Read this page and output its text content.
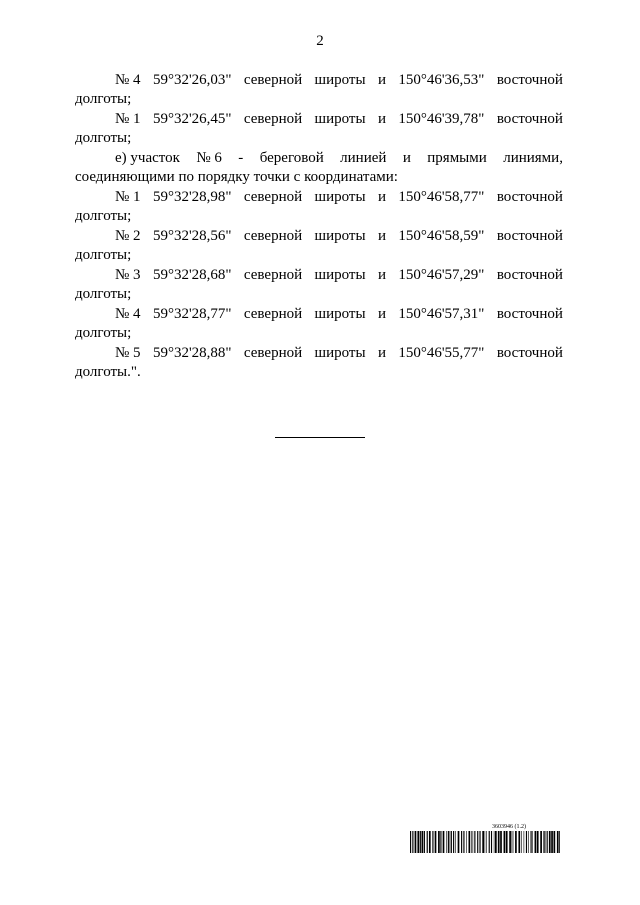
2
№ 4 59°32'26,03" северной широты и 150°46'36,53" восточной
долготы;
№ 1 59°32'26,45" северной широты и 150°46'39,78" восточной
долготы;
е) участок № 6 - береговой линией и прямыми линиями,
соединяющими по порядку точки с координатами:
№ 1 59°32'28,98" северной широты и 150°46'58,77" восточной
долготы;
№ 2 59°32'28,56" северной широты и 150°46'58,59" восточной
долготы;
№ 3 59°32'28,68" северной широты и 150°46'57,29" восточной
долготы;
№ 4 59°32'28,77" северной широты и 150°46'57,31" восточной
долготы;
№ 5 59°32'28,88" северной широты и 150°46'55,77" восточной
долготы.".
3603946 (1.2)
